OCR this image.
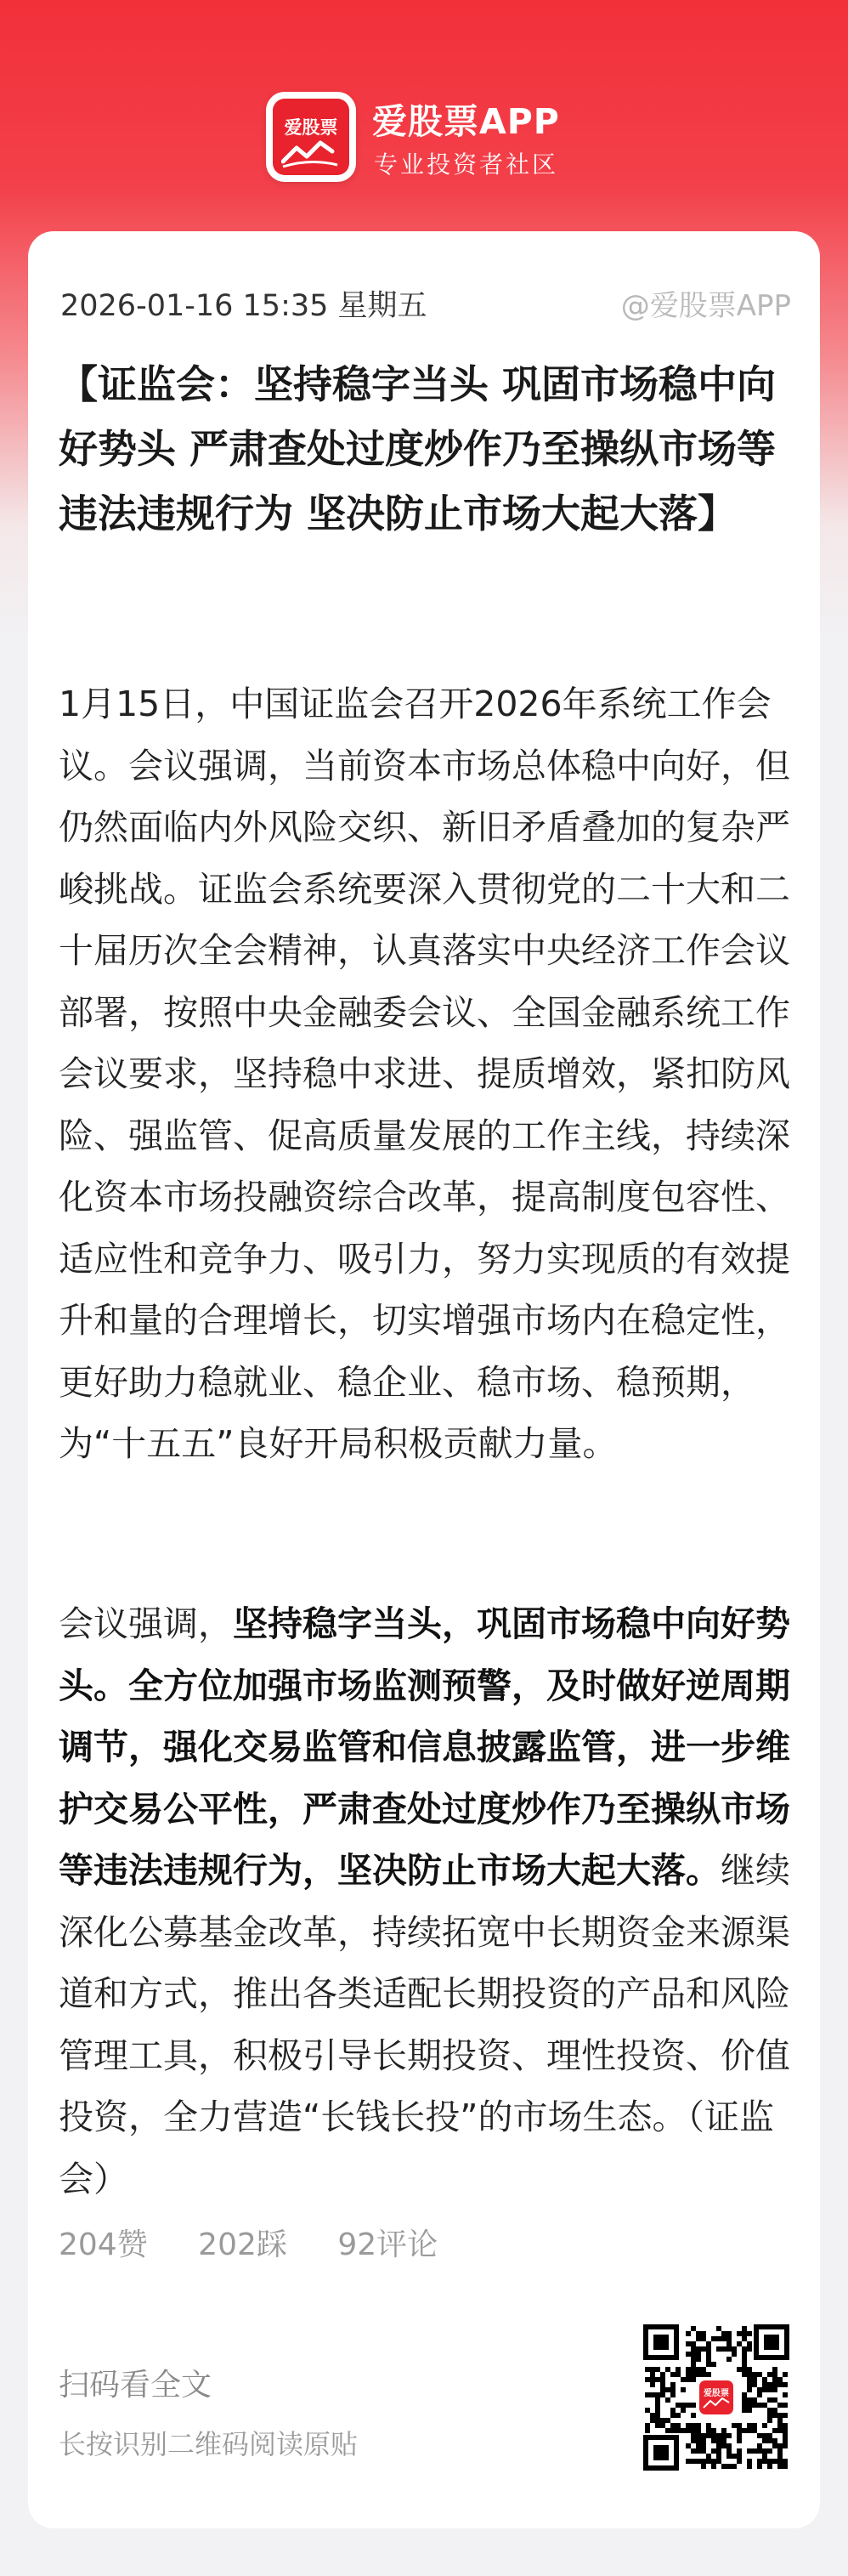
爱股票 爱股票APP
专业投资者社区
2026-01-16 15:35 星期五	@爱股票APP
【证监会：坚持稳字当头 巩固市场稳中向好势头 严肃查处过度炒作乃至操纵市场等违法违规行为 坚决防止市场大起大落】

1月15日，中国证监会召开2026年系统工作会议。会议强调，当前资本市场总体稳中向好，但仍然面临内外风险交织、新旧矛盾叠加的复杂严峻挑战。证监会系统要深入贯彻党的二十大和二十届历次全会精神，认真落实中央经济工作会议部署，按照中央金融委会议、全国金融系统工作会议要求，坚持稳中求进、提质增效，紧扣防风险、强监管、促高质量发展的工作主线，持续深化资本市场投融资综合改革，提高制度包容性、适应性和竞争力、吸引力，努力实现质的有效提升和量的合理增长，切实增强市场内在稳定性，更好助力稳就业、稳企业、稳市场、稳预期，为“十五五”良好开局积极贡献力量。

会议强调，坚持稳字当头，巩固市场稳中向好势头。全方位加强市场监测预警，及时做好逆周期调节，强化交易监管和信息披露监管，进一步维护交易公平性，严肃查处过度炒作乃至操纵市场等违法违规行为，坚决防止市场大起大落。继续深化公募基金改革，持续拓宽中长期资金来源渠道和方式，推出各类适配长期投资的产品和风险管理工具，积极引导长期投资、理性投资、价值投资，全力营造“长钱长投”的市场生态。（证监会）

204赞 202踩 92评论
扫码看全文
长按识别二维码阅读原贴
爱股票
